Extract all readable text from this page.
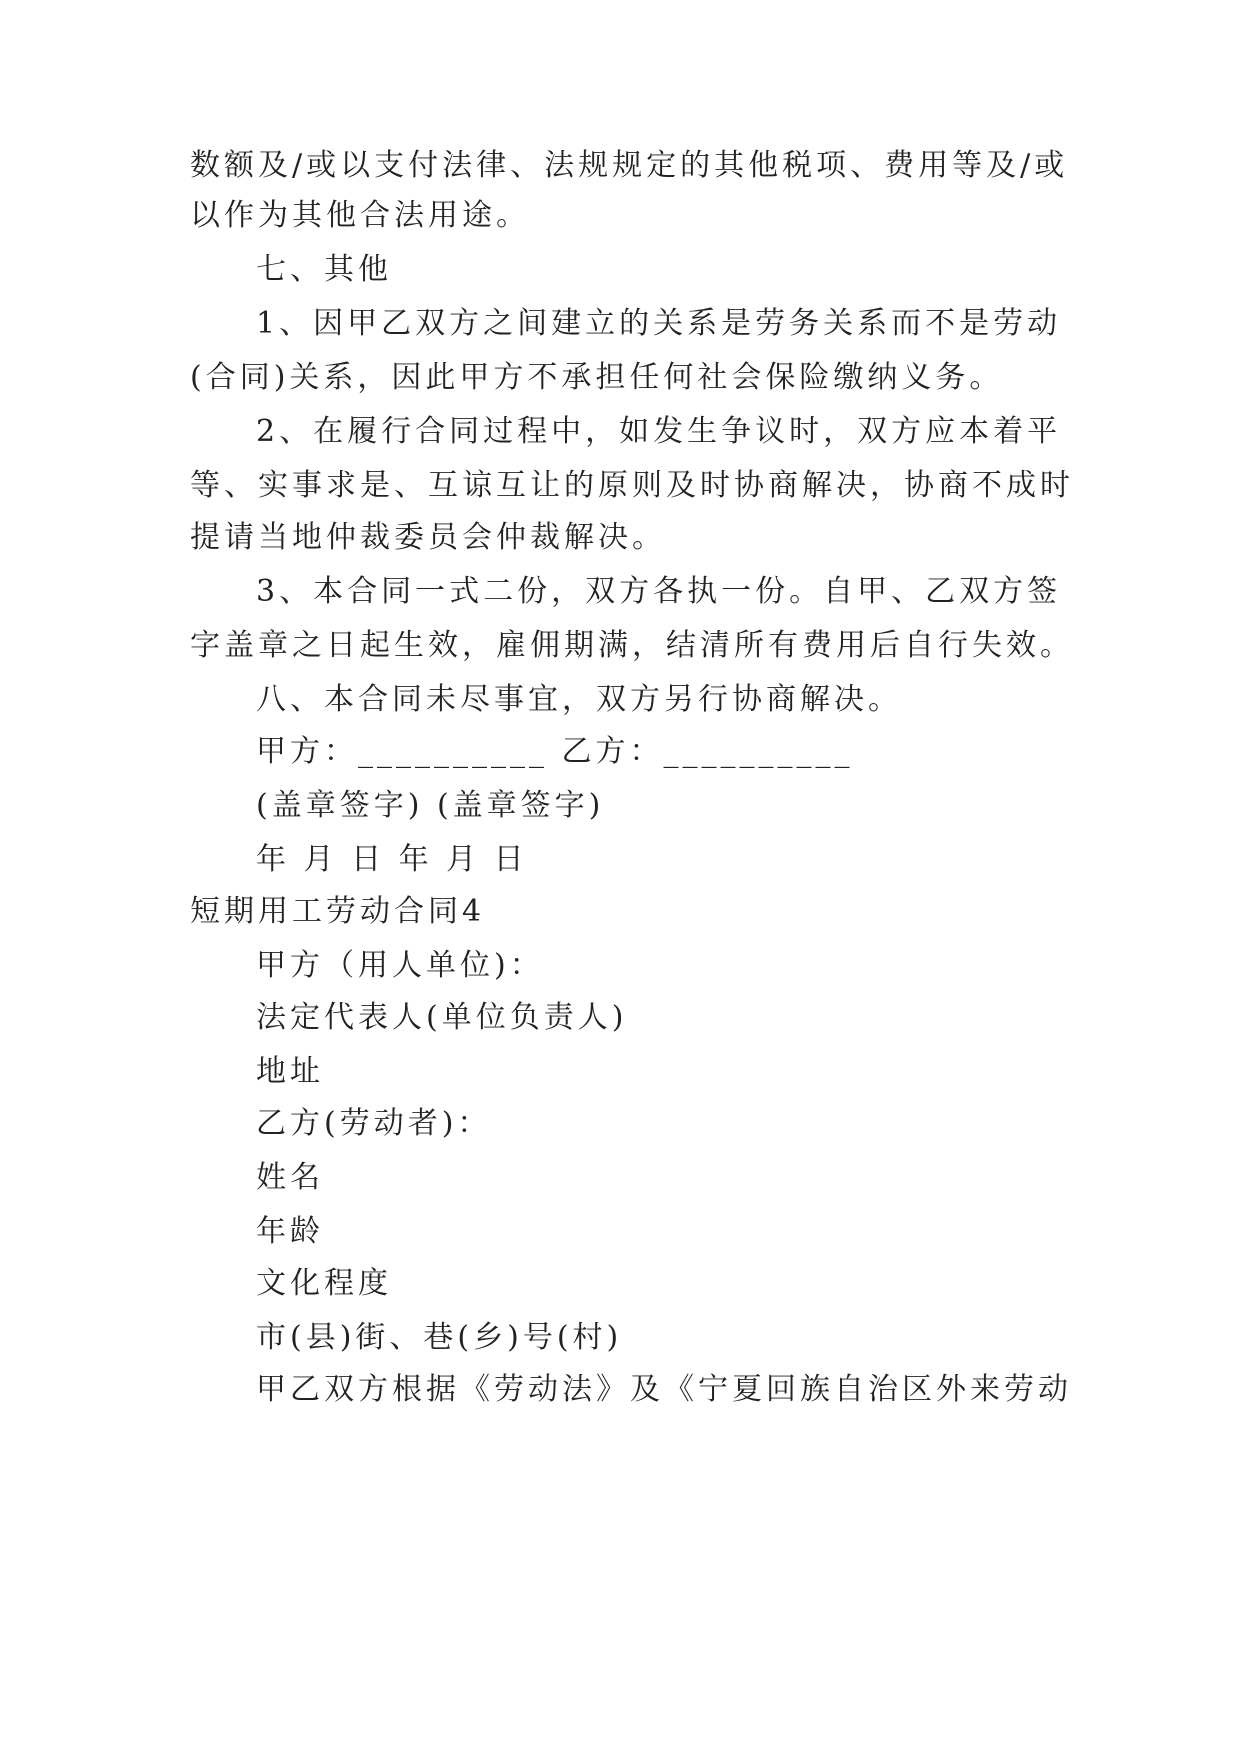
数额及/或以支付法律、法规规定的其他税项、费用等及/或
以作为其他合法用途。
七、其他
1、因甲乙双方之间建立的关系是劳务关系而不是劳动
(合同)关系，因此甲方不承担任何社会保险缴纳义务。
2、在履行合同过程中，如发生争议时，双方应本着平
等、实事求是、互谅互让的原则及时协商解决，协商不成时
提请当地仲裁委员会仲裁解决。
3、本合同一式二份，双方各执一份。自甲、乙双方签
字盖章之日起生效，雇佣期满，结清所有费用后自行失效。
八、本合同未尽事宜，双方另行协商解决。
甲方：__________ 乙方：__________
(盖章签字) (盖章签字)
年 月 日 年 月 日
短期用工劳动合同4
甲方（用人单位)：
法定代表人(单位负责人)
地址
乙方(劳动者)：
姓名
年龄
文化程度
市(县)街、巷(乡)号(村)
甲乙双方根据《劳动法》及《宁夏回族自治区外来劳动
